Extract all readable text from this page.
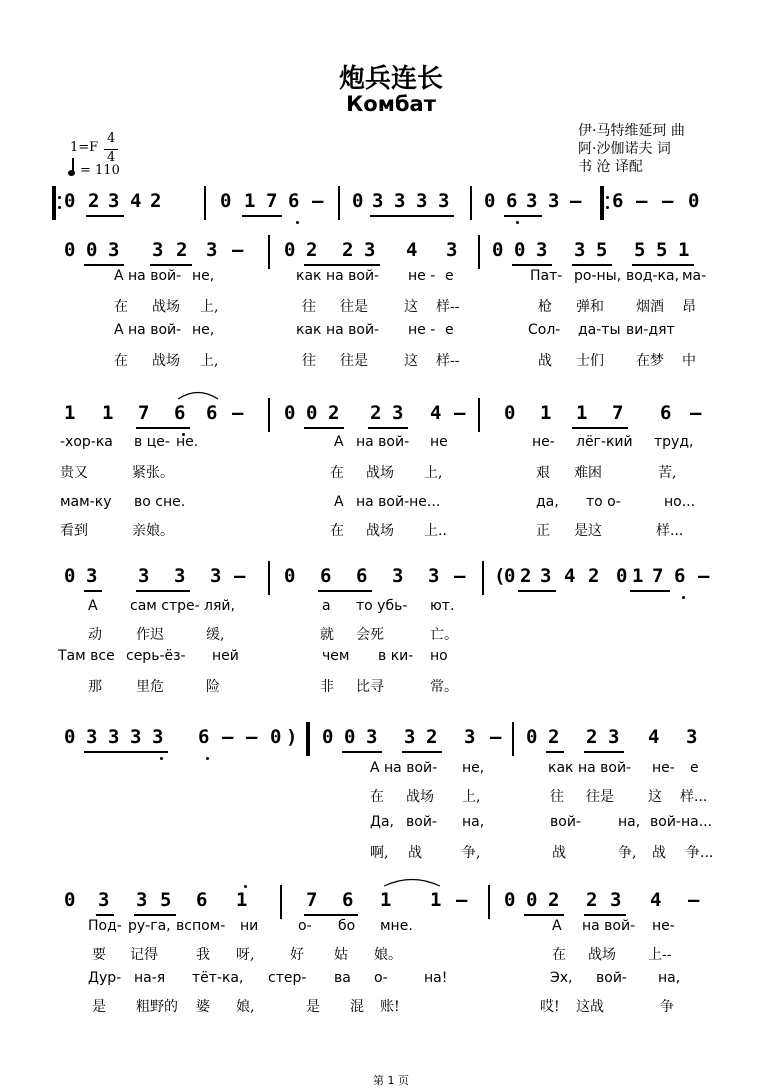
炮兵连长
Комбат
伊·马特维延珂 曲
阿·沙伽诺夫 词
书 沧 译配
1=F
4
4
= 110
0 2 3 4 2	0 1 7 6 – 0 3 3 3 3 0 6 3 3 – 6 – – 0
0 0 3 3 2 3 – 0 2 2 3 4 3 0 0 3 3 5 5 5 1
1 1 7 6 6 – 0 0 2 2 3 4 – 0 1 1 7 6 –
0 3 3 3 3 – 0 6 6 3 3 – (
0 2 3 4 2 0 1 7 6 –
0 3 3 3 3 6 – – 0 ) 0 0 3 3 2 3 – 0 2 2 3 4 3
0 3 3 5 6 1	7 6 1 1 – 0 0 2 2 3 4 –
А на вой- не,	как на вой- не - е	Пат- ро-ны, вод-ка, ма-
在 战场 上,	往 往是	这 样--	枪 弹和 烟酒 昂
А на вой- не,	как на вой- не - е	Сол- да-ты ви-дят
在 战场 上,	往 往是	这 样--	战 士们 在梦 中
-хор-ка в це- не.	А на вой- не	не- лёг-кий труд,
贵又	紧张。	在 战场 上,	艰 难困	苦,
мам-ку во сне.	А на вой-не...	да, то о-	но...
看到	亲娘。	在 战场 上..	正 是这	样...
А сам стре- ляй,	а то убь- ют.
动 作迟	缓,	就 会死	亡。
Там все серь-ёз- ней	чем в ки- но
那 里危	险	非 比寻	常。
А на вой- не,	как на вой- не- е
在 战场 上,	往 往是 这 样...
Да, вой- на,	вой-	на, вой-на...
啊, 战	争,	战	争, 战 争...
Под- ру-га, вспом- ни	о- бо мне.	А на вой- не-
要 记得	我 呀,	好 姑 娘。	在 战场 上--
Дур- на-я тёт-ка, стер- ва о-	на!	Эх, вой- на,
是 粗野的 婆 娘,	是 混 账!	哎! 这战	争
第 1 页
